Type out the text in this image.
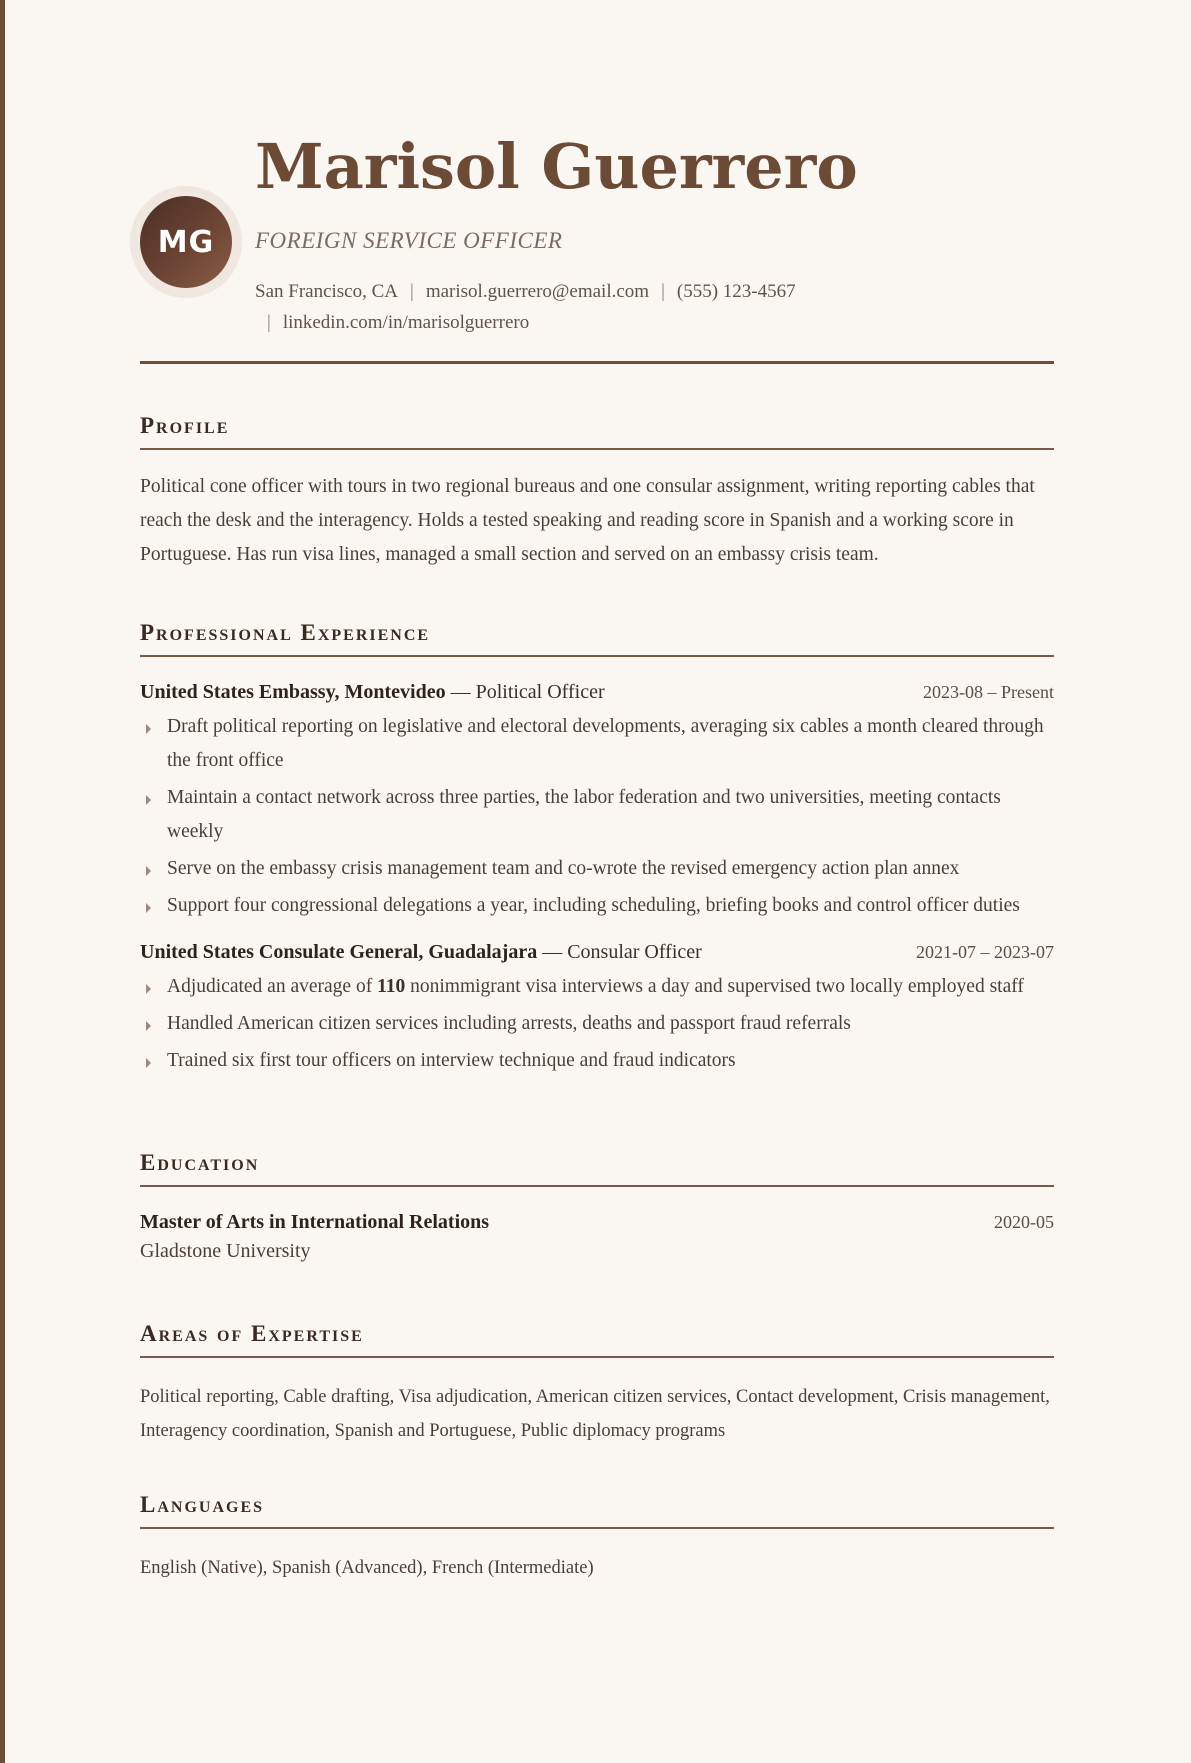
MG
Marisol Guerrero
FOREIGN SERVICE OFFICER
San Francisco, CA | marisol.guerrero@email.com | (555) 123-4567
| linkedin.com/in/marisolguerrero
Profile
Political cone officer with tours in two regional bureaus and one consular assignment, writing reporting cables that reach the desk and the interagency. Holds a tested speaking and reading score in Spanish and a working score in Portuguese. Has run visa lines, managed a small section and served on an embassy crisis team.
Professional Experience
United States Embassy, Montevideo — Political Officer	2023-08 – Present
Draft political reporting on legislative and electoral developments, averaging six cables a month cleared through the front office
Maintain a contact network across three parties, the labor federation and two universities, meeting contacts weekly
Serve on the embassy crisis management team and co-wrote the revised emergency action plan annex
Support four congressional delegations a year, including scheduling, briefing books and control officer duties
United States Consulate General, Guadalajara — Consular Officer	2021-07 – 2023-07
Adjudicated an average of 110 nonimmigrant visa interviews a day and supervised two locally employed staff
Handled American citizen services including arrests, deaths and passport fraud referrals
Trained six first tour officers on interview technique and fraud indicators
Education
Master of Arts in International Relations	2020-05
Gladstone University
Areas of Expertise
Political reporting, Cable drafting, Visa adjudication, American citizen services, Contact development, Crisis management, Interagency coordination, Spanish and Portuguese, Public diplomacy programs
Languages
English (Native), Spanish (Advanced), French (Intermediate)
